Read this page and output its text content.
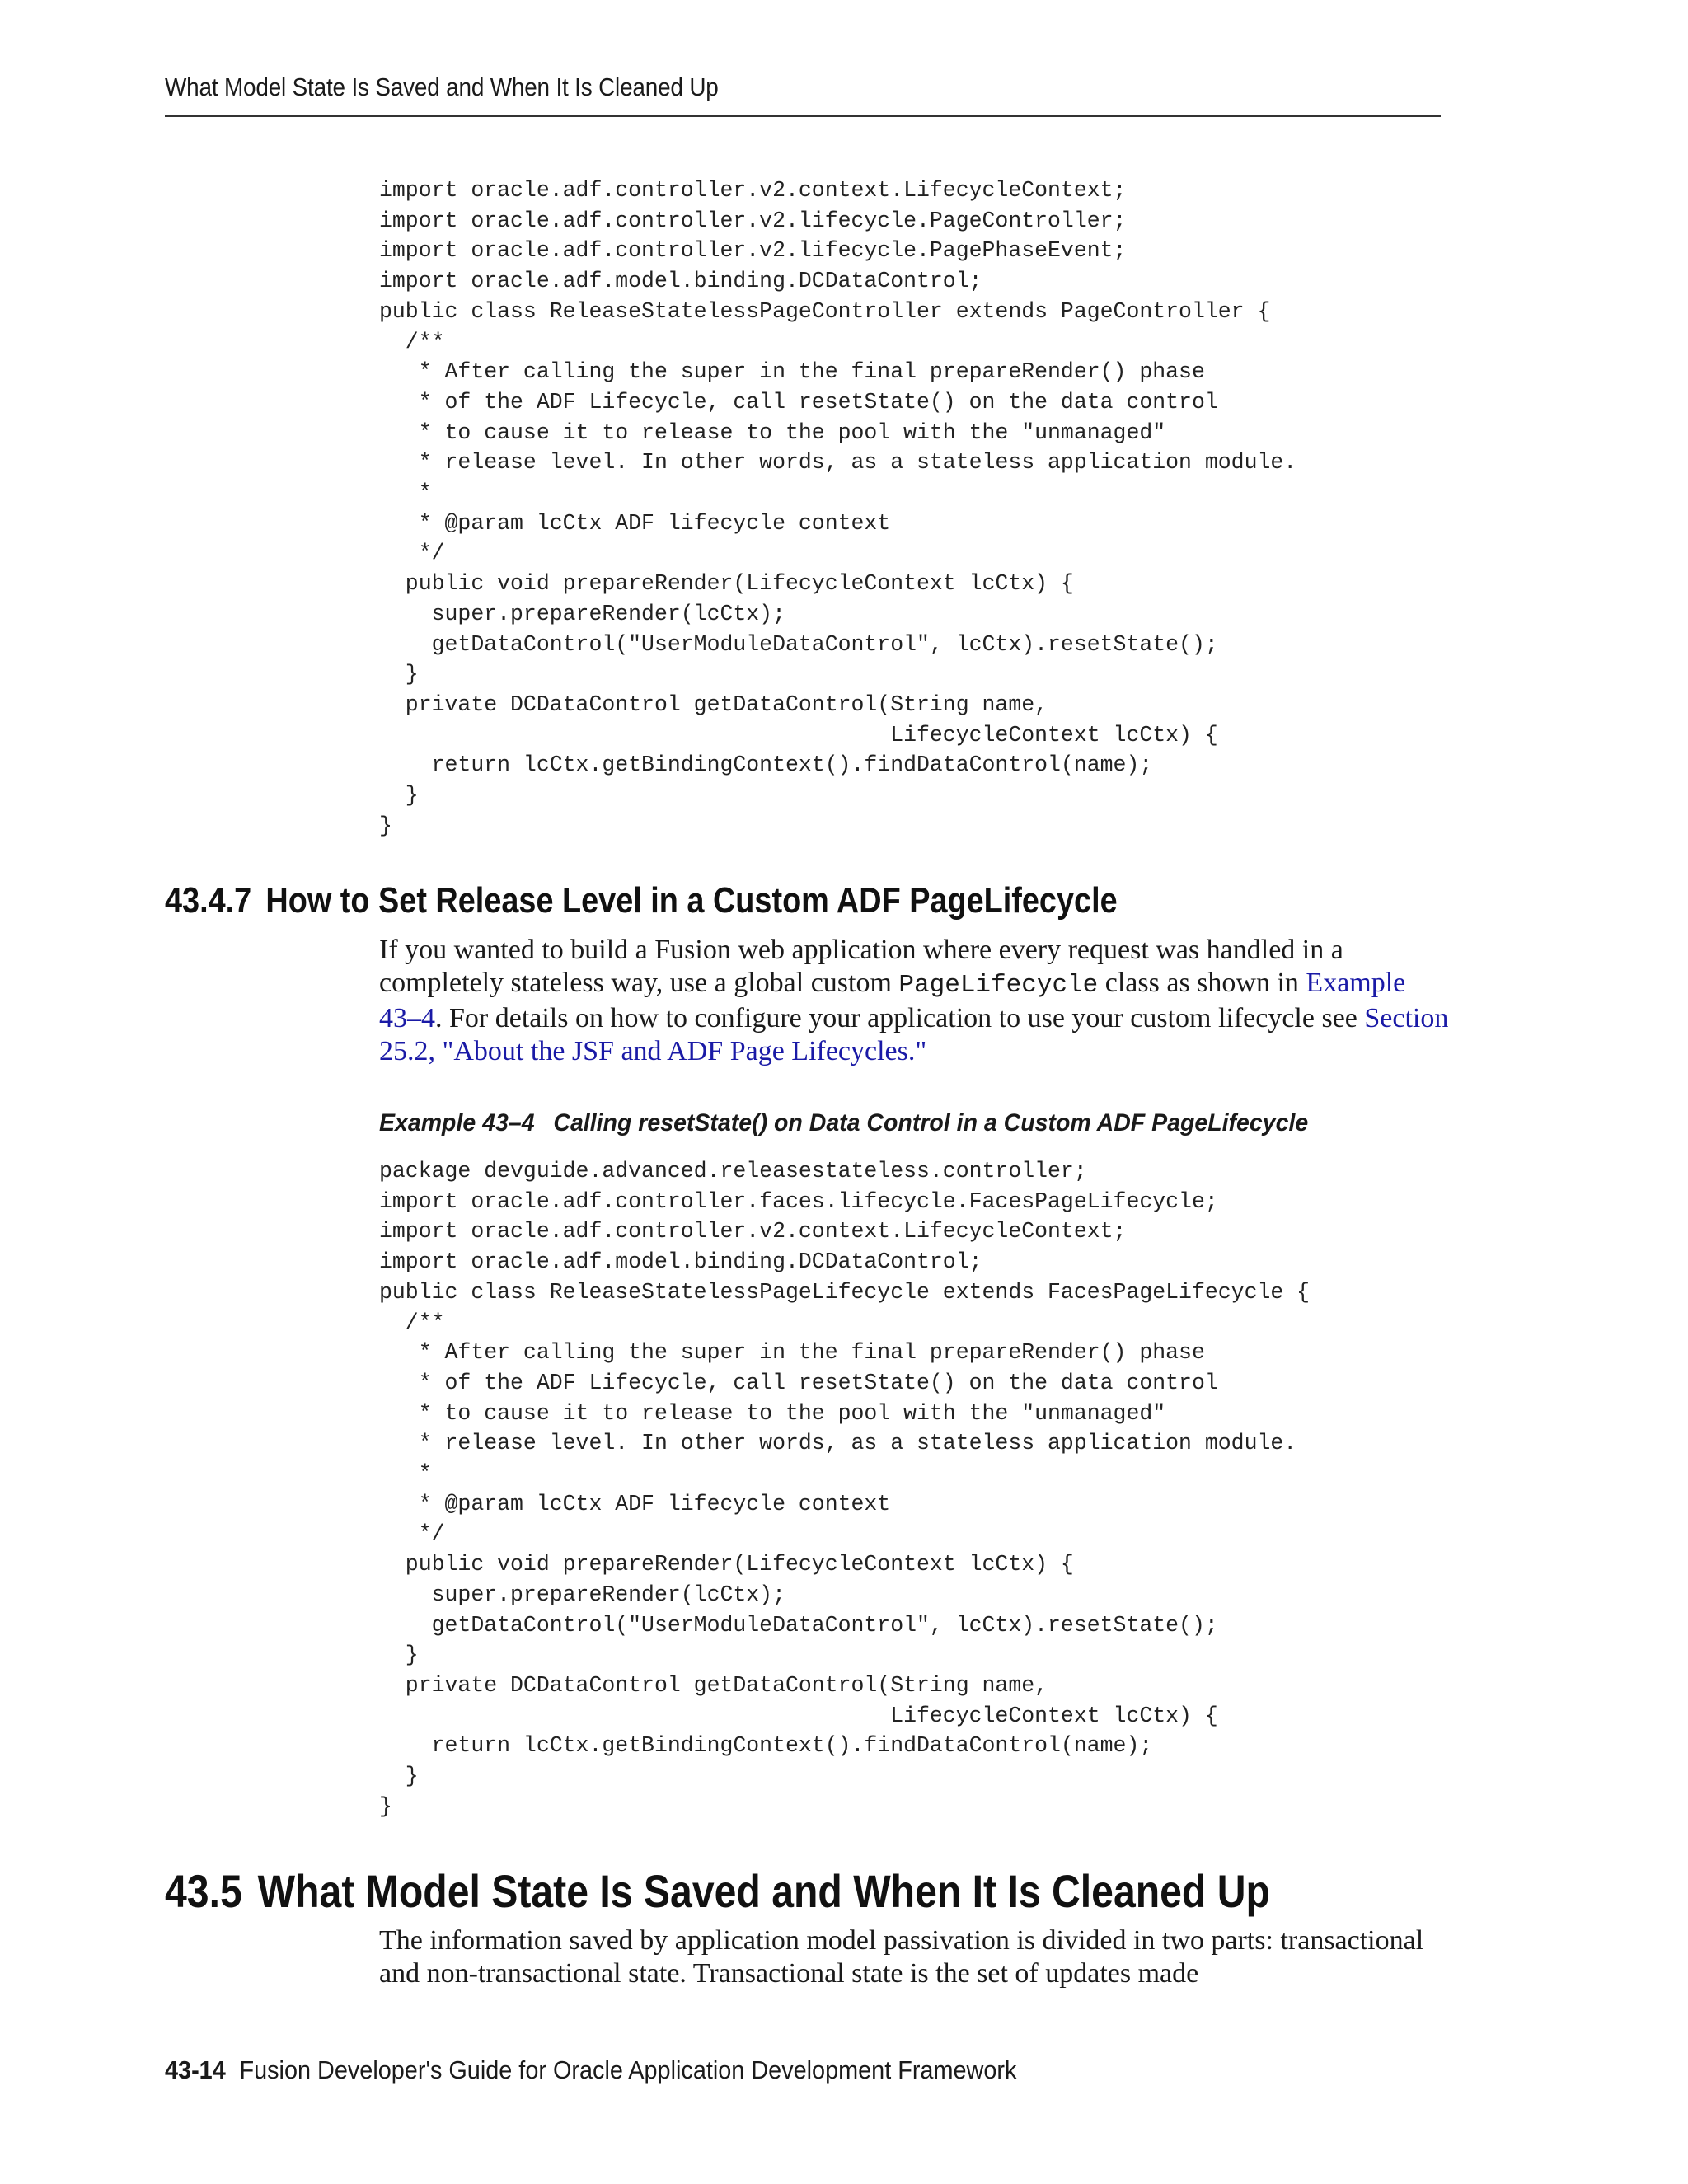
What Model State Is Saved and When It Is Cleaned Up
import oracle.adf.controller.v2.context.LifecycleContext;
import oracle.adf.controller.v2.lifecycle.PageController;
import oracle.adf.controller.v2.lifecycle.PagePhaseEvent;
import oracle.adf.model.binding.DCDataControl;
public class ReleaseStatelessPageController extends PageController {
/**
* After calling the super in the final prepareRender() phase
* of the ADF Lifecycle, call resetState() on the data control
* to cause it to release to the pool with the "unmanaged"
* release level. In other words, as a stateless application module.
*
* @param lcCtx ADF lifecycle context
*/
public void prepareRender(LifecycleContext lcCtx) {
super.prepareRender(lcCtx);
getDataControl("UserModuleDataControl", lcCtx).resetState();
}
private DCDataControl getDataControl(String name,
LifecycleContext lcCtx) {
return lcCtx.getBindingContext().findDataControl(name);
}
}
43.4.7 How to Set Release Level in a Custom ADF PageLifecycle
If you wanted to build a Fusion web application where every request was handled in a completely stateless way, use a global custom PageLifecycle class as shown in Example 43–4. For details on how to configure your application to use your custom lifecycle see Section 25.2, "About the JSF and ADF Page Lifecycles."
Example 43–4 Calling resetState() on Data Control in a Custom ADF PageLifecycle
package devguide.advanced.releasestateless.controller;
import oracle.adf.controller.faces.lifecycle.FacesPageLifecycle;
import oracle.adf.controller.v2.context.LifecycleContext;
import oracle.adf.model.binding.DCDataControl;
public class ReleaseStatelessPageLifecycle extends FacesPageLifecycle {
/**
* After calling the super in the final prepareRender() phase
* of the ADF Lifecycle, call resetState() on the data control
* to cause it to release to the pool with the "unmanaged"
* release level. In other words, as a stateless application module.
*
* @param lcCtx ADF lifecycle context
*/
public void prepareRender(LifecycleContext lcCtx) {
super.prepareRender(lcCtx);
getDataControl("UserModuleDataControl", lcCtx).resetState();
}
private DCDataControl getDataControl(String name,
LifecycleContext lcCtx) {
return lcCtx.getBindingContext().findDataControl(name);
}
}
43.5 What Model State Is Saved and When It Is Cleaned Up
The information saved by application model passivation is divided in two parts: transactional and non-transactional state. Transactional state is the set of updates made
43-14 Fusion Developer's Guide for Oracle Application Development Framework
